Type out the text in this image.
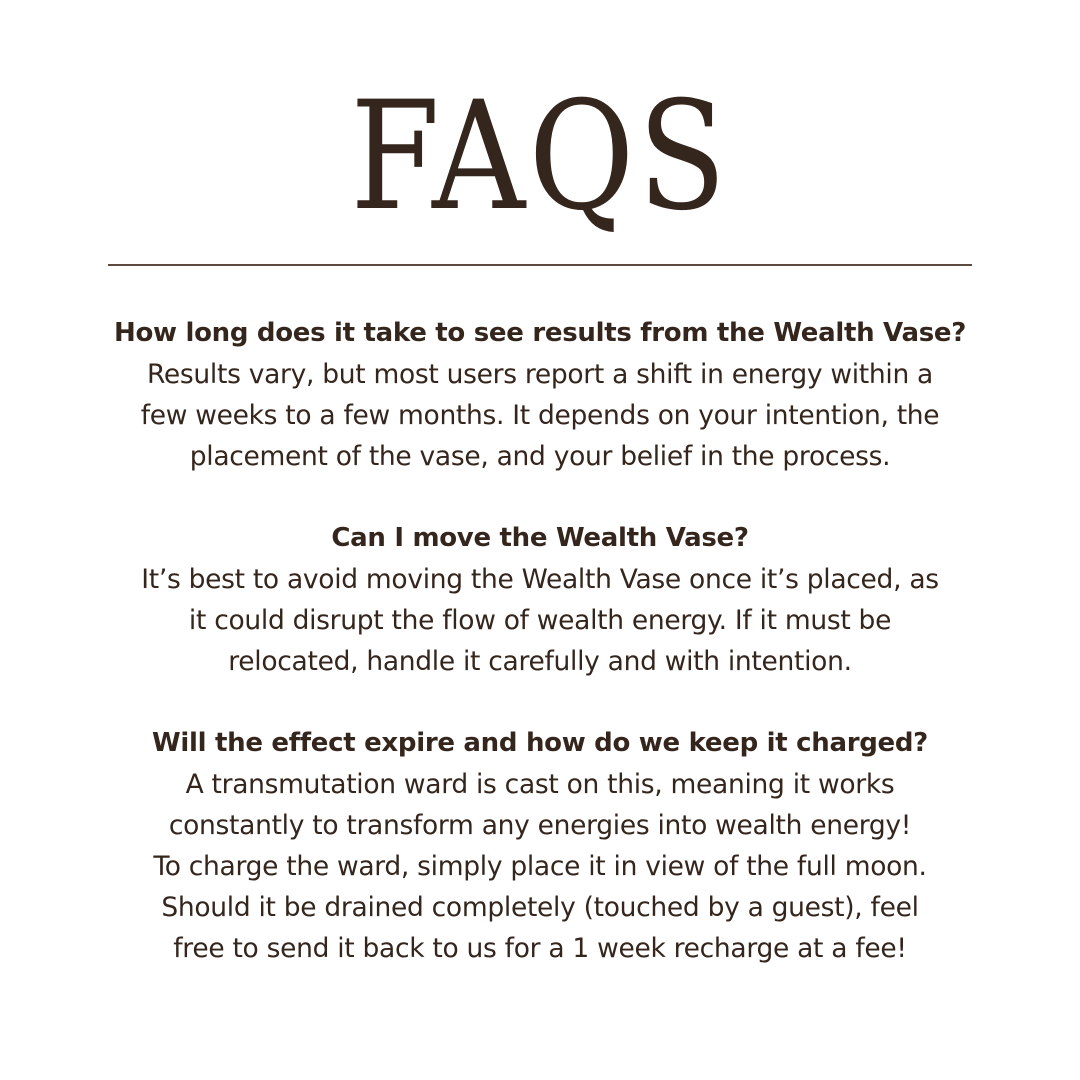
FAQS
How long does it take to see results from the Wealth Vase?
Results vary, but most users report a shift in energy within a
few weeks to a few months. It depends on your intention, the
placement of the vase, and your belief in the process.
Can I move the Wealth Vase?
It’s best to avoid moving the Wealth Vase once it’s placed, as
it could disrupt the flow of wealth energy. If it must be
relocated, handle it carefully and with intention.
Will the effect expire and how do we keep it charged?
A transmutation ward is cast on this, meaning it works
constantly to transform any energies into wealth energy!
To charge the ward, simply place it in view of the full moon.
Should it be drained completely (touched by a guest), feel
free to send it back to us for a 1 week recharge at a fee!
